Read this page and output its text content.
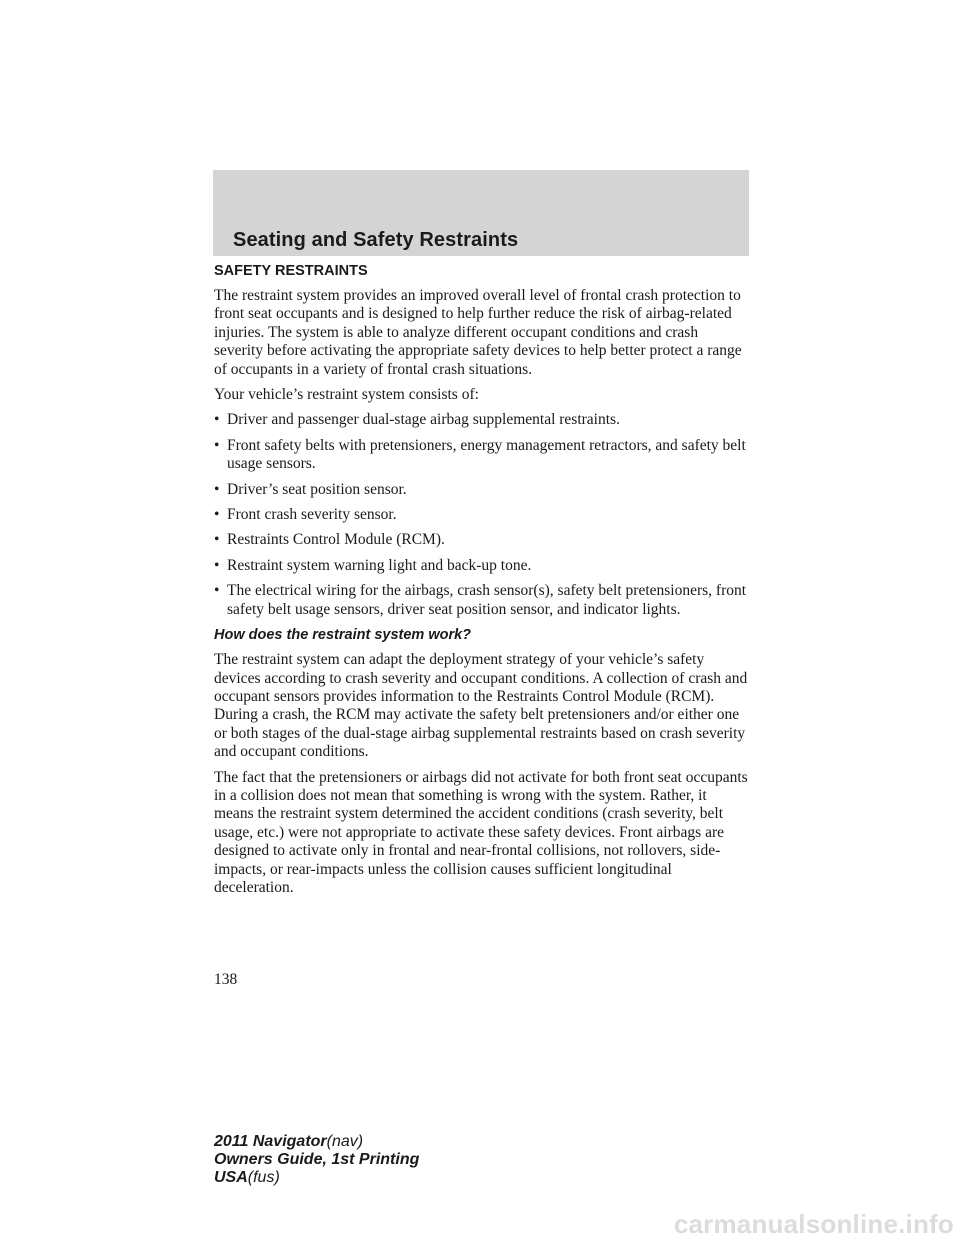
Seating and Safety Restraints
SAFETY RESTRAINTS

The restraint system provides an improved overall level of frontal crash protection to front seat occupants and is designed to help further reduce the risk of airbag-related injuries. The system is able to analyze different occupant conditions and crash severity before activating the appropriate safety devices to help better protect a range of occupants in a variety of frontal crash situations.

Your vehicle’s restraint system consists of:

• Driver and passenger dual-stage airbag supplemental restraints.
• Front safety belts with pretensioners, energy management retractors, and safety belt usage sensors.
• Driver’s seat position sensor.
• Front crash severity sensor.
• Restraints Control Module (RCM).
• Restraint system warning light and back-up tone.
• The electrical wiring for the airbags, crash sensor(s), safety belt pretensioners, front safety belt usage sensors, driver seat position sensor, and indicator lights.
How does the restraint system work?

The restraint system can adapt the deployment strategy of your vehicle’s safety devices according to crash severity and occupant conditions. A collection of crash and occupant sensors provides information to the Restraints Control Module (RCM). During a crash, the RCM may activate the safety belt pretensioners and/or either one or both stages of the dual-stage airbag supplemental restraints based on crash severity and occupant conditions.

The fact that the pretensioners or airbags did not activate for both front seat occupants in a collision does not mean that something is wrong with the system. Rather, it means the restraint system determined the accident conditions (crash severity, belt usage, etc.) were not appropriate to activate these safety devices. Front airbags are designed to activate only in frontal and near-frontal collisions, not rollovers, side-impacts, or rear-impacts unless the collision causes sufficient longitudinal deceleration.

138
2011 Navigator(nav)
Owners Guide, 1st Printing
USA(fus)
carmanualsonline.info
